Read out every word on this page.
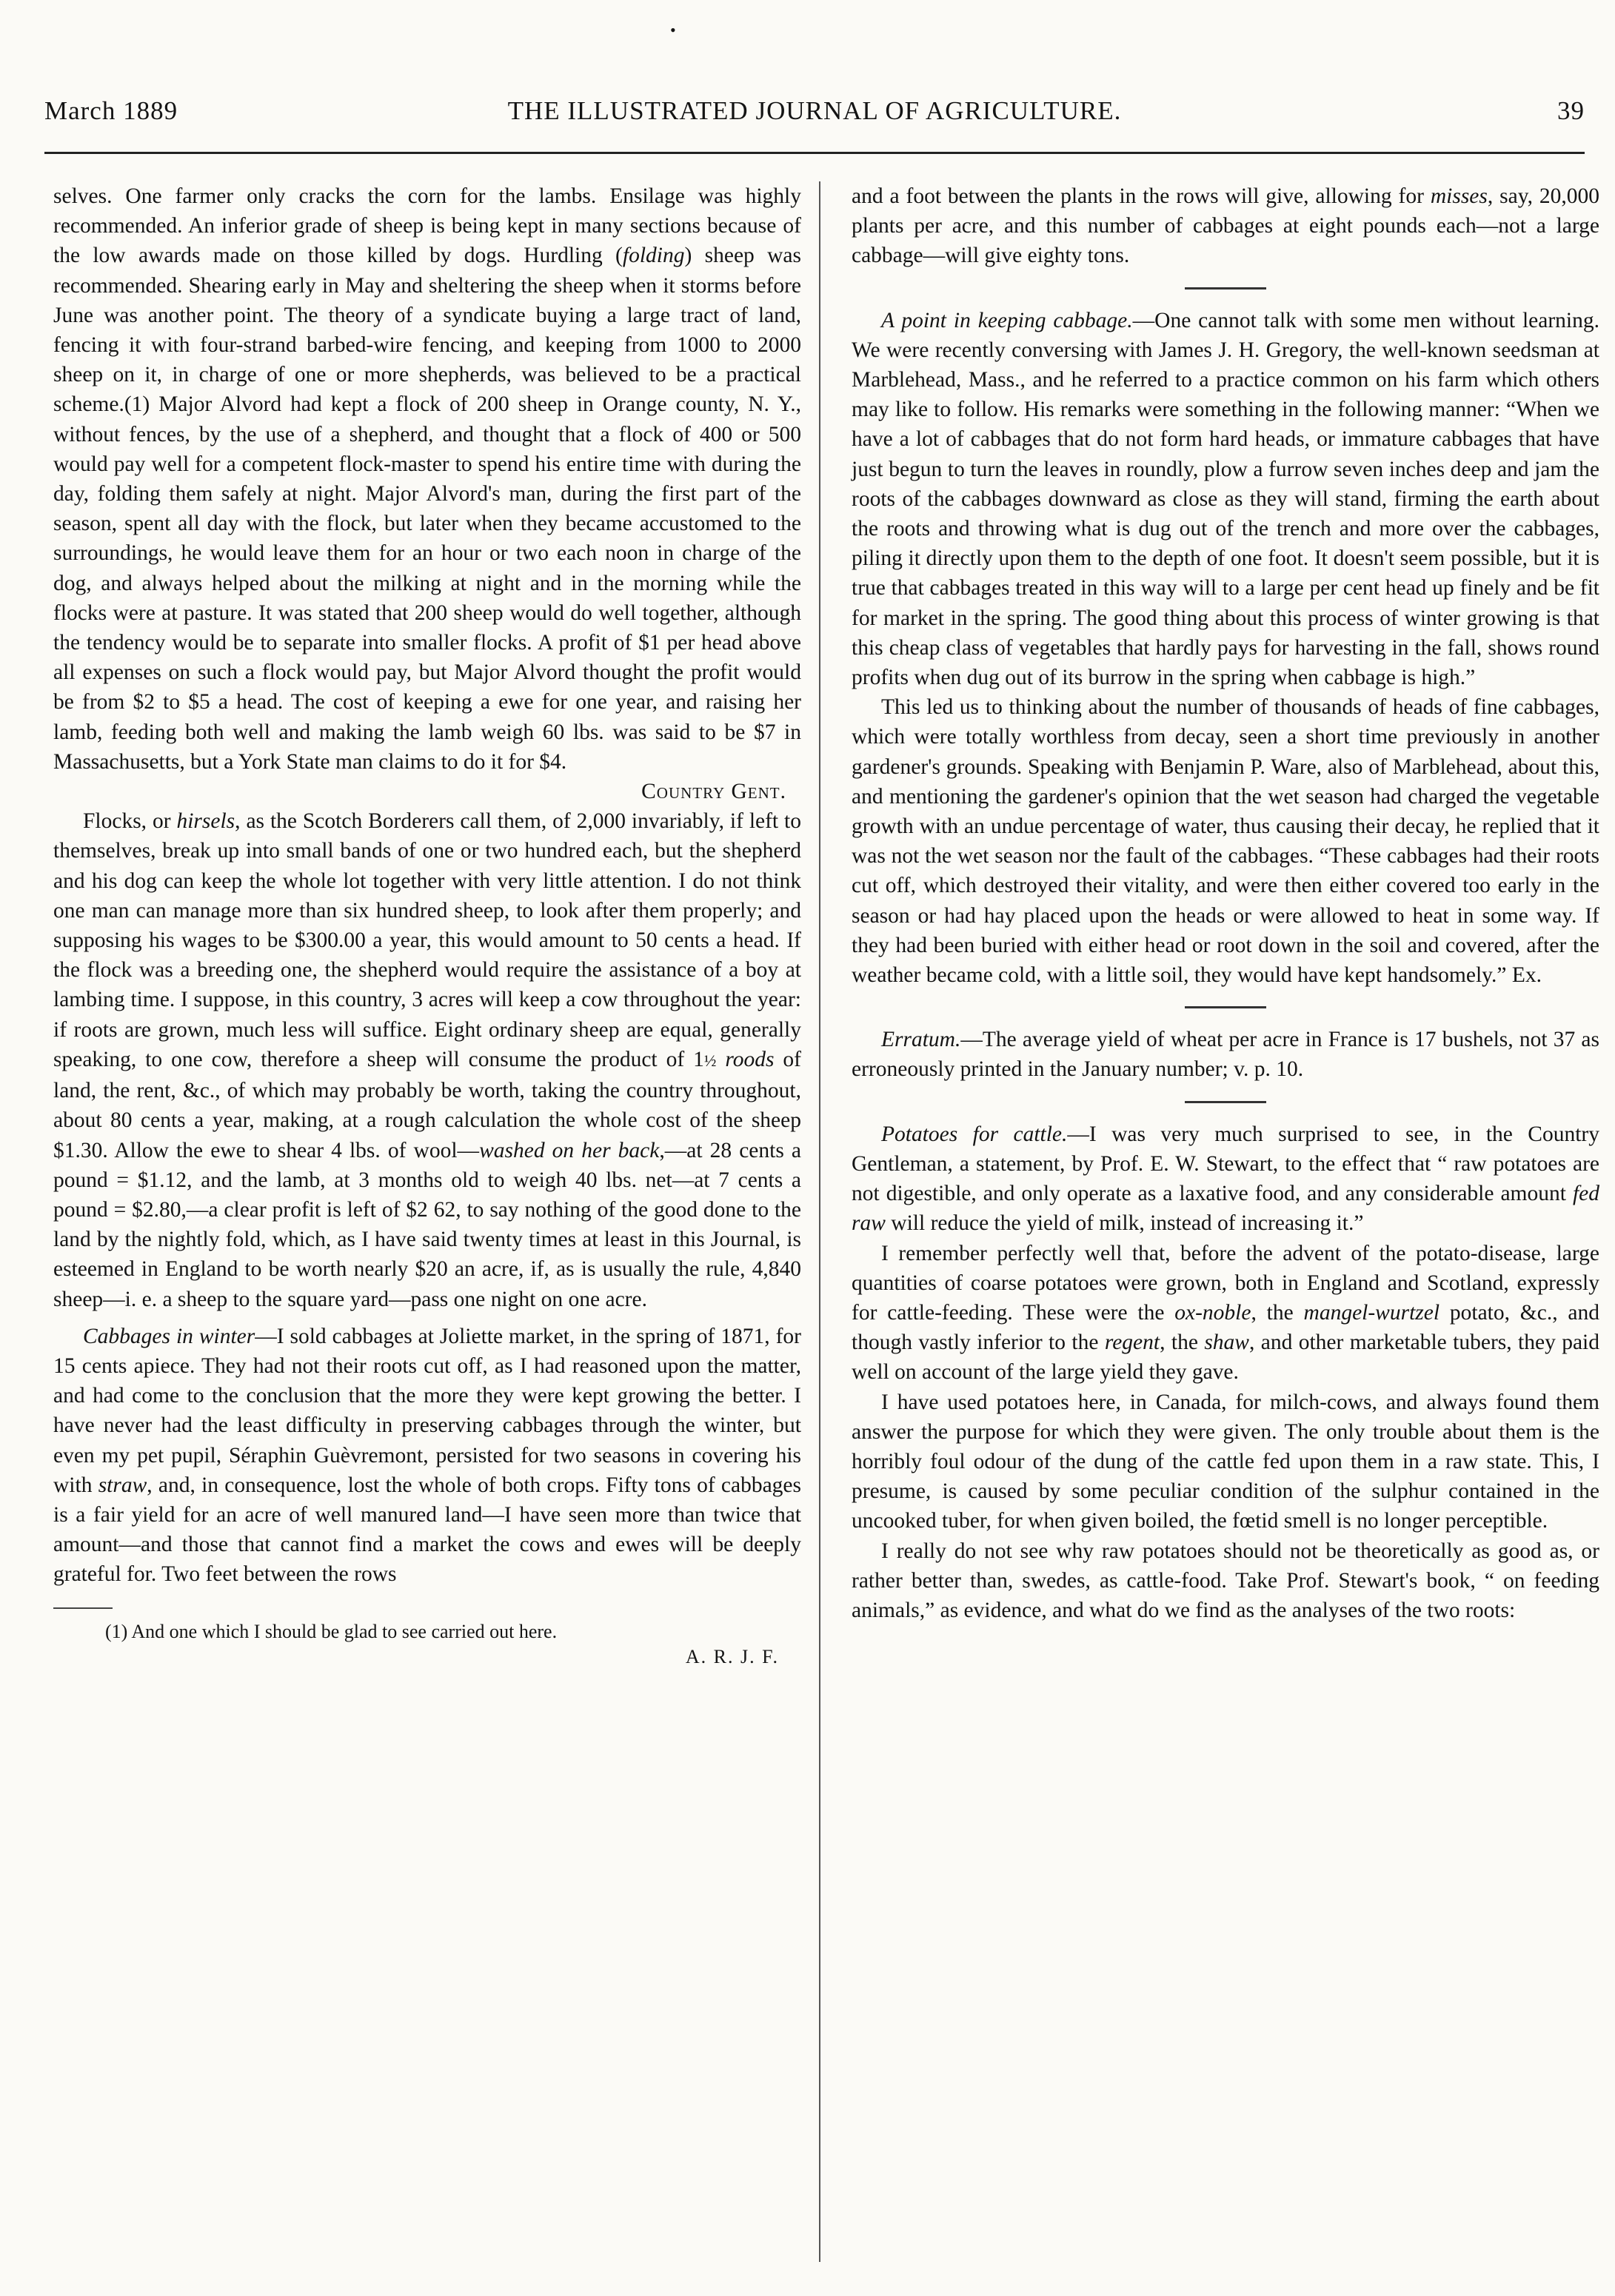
•
March 1889	THE ILLUSTRATED JOURNAL OF AGRICULTURE.	39

selves. One farmer only cracks the corn for the lambs. Ensilage was highly recommended. An inferior grade of sheep is being kept in many sections because of the low awards made on those killed by dogs. Hurdling (folding) sheep was recommended. Shearing early in May and sheltering the sheep when it storms before June was another point. The theory of a syndicate buying a large tract of land, fencing it with four-strand barbed-wire fencing, and keeping from 1000 to 2000 sheep on it, in charge of one or more shepherds, was believed to be a practical scheme.(1) Major Alvord had kept a flock of 200 sheep in Orange county, N. Y., without fences, by the use of a shepherd, and thought that a flock of 400 or 500 would pay well for a competent flock-master to spend his entire time with during the day, folding them safely at night. Major Alvord's man, during the first part of the season, spent all day with the flock, but later when they became accustomed to the surroundings, he would leave them for an hour or two each noon in charge of the dog, and always helped about the milking at night and in the morning while the flocks were at pasture. It was stated that 200 sheep would do well together, although the tendency would be to separate into smaller flocks. A profit of $1 per head above all expenses on such a flock would pay, but Major Alvord thought the profit would be from $2 to $5 a head. The cost of keeping a ewe for one year, and raising her lamb, feeding both well and making the lamb weigh 60 lbs. was said to be $7 in Massachusetts, but a York State man claims to do it for $4.

Country Gent.

Flocks, or hirsels, as the Scotch Borderers call them, of 2,000 invariably, if left to themselves, break up into small bands of one or two hundred each, but the shepherd and his dog can keep the whole lot together with very little attention. I do not think one man can manage more than six hundred sheep, to look after them properly; and supposing his wages to be $300.00 a year, this would amount to 50 cents a head. If the flock was a breeding one, the shepherd would require the assistance of a boy at lambing time. I suppose, in this country, 3 acres will keep a cow throughout the year: if roots are grown, much less will suffice. Eight ordinary sheep are equal, generally speaking, to one cow, therefore a sheep will consume the product of 1½ roods of land, the rent, &c., of which may probably be worth, taking the country throughout, about 80 cents a year, making, at a rough calculation the whole cost of the sheep $1.30. Allow the ewe to shear 4 lbs. of wool—washed on her back,—at 28 cents a pound = $1.12, and the lamb, at 3 months old to weigh 40 lbs. net—at 7 cents a pound = $2.80,—a clear profit is left of $2 62, to say nothing of the good done to the land by the nightly fold, which, as I have said twenty times at least in this Journal, is esteemed in England to be worth nearly $20 an acre, if, as is usually the rule, 4,840 sheep—i. e. a sheep to the square yard—pass one night on one acre.

Cabbages in winter—I sold cabbages at Joliette market, in the spring of 1871, for 15 cents apiece. They had not their roots cut off, as I had reasoned upon the matter, and had come to the conclusion that the more they were kept growing the better. I have never had the least difficulty in preserving cabbages through the winter, but even my pet pupil, Séraphin Guèvremont, persisted for two seasons in covering his with straw, and, in consequence, lost the whole of both crops. Fifty tons of cabbages is a fair yield for an acre of well manured land—I have seen more than twice that amount—and those that cannot find a market the cows and ewes will be deeply grateful for. Two feet between the rows

(1) And one which I should be glad to see carried out here.

A. R. J. F.

and a foot between the plants in the rows will give, allowing for misses, say, 20,000 plants per acre, and this number of cabbages at eight pounds each—not a large cabbage—will give eighty tons.

A point in keeping cabbage.—One cannot talk with some men without learning. We were recently conversing with James J. H. Gregory, the well-known seedsman at Marblehead, Mass., and he referred to a practice common on his farm which others may like to follow. His remarks were something in the following manner: “When we have a lot of cabbages that do not form hard heads, or immature cabbages that have just begun to turn the leaves in roundly, plow a furrow seven inches deep and jam the roots of the cabbages downward as close as they will stand, firming the earth about the roots and throwing what is dug out of the trench and more over the cabbages, piling it directly upon them to the depth of one foot. It doesn't seem possible, but it is true that cabbages treated in this way will to a large per cent head up finely and be fit for market in the spring. The good thing about this process of winter growing is that this cheap class of vegetables that hardly pays for harvesting in the fall, shows round profits when dug out of its burrow in the spring when cabbage is high.”

This led us to thinking about the number of thousands of heads of fine cabbages, which were totally worthless from decay, seen a short time previously in another gardener's grounds. Speaking with Benjamin P. Ware, also of Marblehead, about this, and mentioning the gardener's opinion that the wet season had charged the vegetable growth with an undue percentage of water, thus causing their decay, he replied that it was not the wet season nor the fault of the cabbages. “These cabbages had their roots cut off, which destroyed their vitality, and were then either covered too early in the season or had hay placed upon the heads or were allowed to heat in some way. If they had been buried with either head or root down in the soil and covered, after the weather became cold, with a little soil, they would have kept handsomely.” Ex.

Erratum.—The average yield of wheat per acre in France is 17 bushels, not 37 as erroneously printed in the January number; v. p. 10.

Potatoes for cattle.—I was very much surprised to see, in the Country Gentleman, a statement, by Prof. E. W. Stewart, to the effect that “ raw potatoes are not digestible, and only operate as a laxative food, and any considerable amount fed raw will reduce the yield of milk, instead of increasing it.”

I remember perfectly well that, before the advent of the potato-disease, large quantities of coarse potatoes were grown, both in England and Scotland, expressly for cattle-feeding. These were the ox-noble, the mangel-wurtzel potato, &c., and though vastly inferior to the regent, the shaw, and other marketable tubers, they paid well on account of the large yield they gave.

I have used potatoes here, in Canada, for milch-cows, and always found them answer the purpose for which they were given. The only trouble about them is the horribly foul odour of the dung of the cattle fed upon them in a raw state. This, I presume, is caused by some peculiar condition of the sulphur contained in the uncooked tuber, for when given boiled, the fœtid smell is no longer perceptible.

I really do not see why raw potatoes should not be theoretically as good as, or rather better than, swedes, as cattle-food. Take Prof. Stewart's book, “ on feeding animals,” as evidence, and what do we find as the analyses of the two roots:
